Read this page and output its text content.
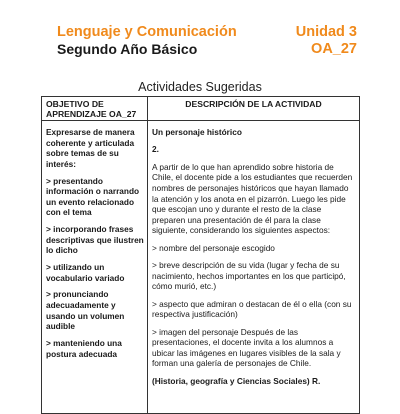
Lenguaje y Comunicación
Segundo Año Básico
Unidad 3
OA_27
Actividades Sugeridas
OBJETIVO DE APRENDIZAJE OA_27
DESCRIPCIÓN DE LA ACTIVIDAD

Expresarse de manera coherente y articulada sobre temas de su interés:

> presentando información o narrando un evento relacionado con el tema

> incorporando frases descriptivas que ilustren lo dicho

> utilizando un vocabulario variado

> pronunciando adecuadamente y usando un volumen audible

> manteniendo una postura adecuada

Un personaje histórico

2.

A partir de lo que han aprendido sobre historia de Chile, el docente pide a los estudiantes que recuerden nombres de personajes históricos que hayan llamado la atención y los anota en el pizarrón. Luego les pide que escojan uno y durante el resto de la clase preparen una presentación de él para la clase siguiente, considerando los siguientes aspectos:

> nombre del personaje escogido

> breve descripción de su vida (lugar y fecha de su nacimiento, hechos importantes en los que participó, cómo murió, etc.)

> aspecto que admiran o destacan de él o ella (con su respectiva justificación)

> imagen del personaje Después de las presentaciones, el docente invita a los alumnos a ubicar las imágenes en lugares visibles de la sala y forman una galería de personajes de Chile.

(Historia, geografía y Ciencias Sociales) R.
